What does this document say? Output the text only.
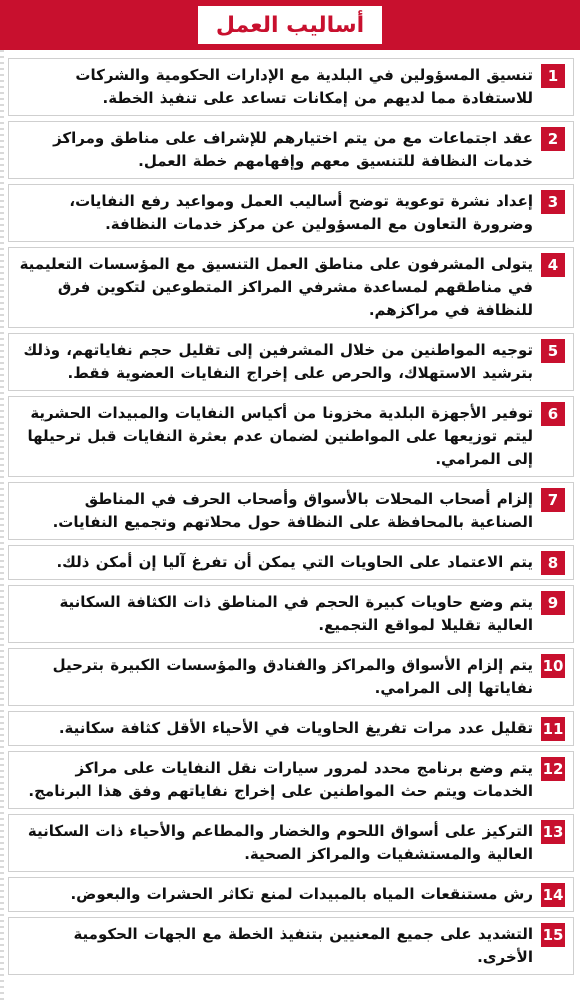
أساليب العمل
1
تنسيق المسؤولين في البلدية مع الإدارات الحكومية والشركات للاستفادة مما لديهم من إمكانات تساعد على تنفيذ الخطة.
2
عقد اجتماعات مع من يتم اختيارهم للإشراف على مناطق ومراكز خدمات النظافة للتنسيق معهم وإفهامهم خطة العمل.
3
إعداد نشرة توعوية توضح أساليب العمل ومواعيد رفع النفايات، وضرورة التعاون مع المسؤولين عن مركز خدمات النظافة.
4
يتولى المشرفون على مناطق العمل التنسيق مع المؤسسات التعليمية في مناطقهم لمساعدة مشرفي المراكز المتطوعين لتكوين فرق للنظافة في مراكزهم.
5
توجيه المواطنين من خلال المشرفين إلى تقليل حجم نفاياتهم، وذلك بترشيد الاستهلاك، والحرص على إخراج النفايات العضوية فقط.
6
توفير الأجهزة البلدية مخزونا من أكياس النفايات والمبيدات الحشرية ليتم توزيعها على المواطنين لضمان عدم بعثرة النفايات قبل ترحيلها إلى المرامي.
7
إلزام أصحاب المحلات بالأسواق وأصحاب الحرف في المناطق الصناعية بالمحافظة على النظافة حول محلاتهم وتجميع النفايات.
8
يتم الاعتماد على الحاويات التي يمكن أن تفرغ آليا إن أمكن ذلك.
9
يتم وضع حاويات كبيرة الحجم في المناطق ذات الكثافة السكانية العالية تقليلا لمواقع التجميع.
10
يتم إلزام الأسواق والمراكز والفنادق والمؤسسات الكبيرة بترحيل نفاياتها إلى المرامي.
11
تقليل عدد مرات تفريغ الحاويات في الأحياء الأقل كثافة سكانية.
12
يتم وضع برنامج محدد لمرور سيارات نقل النفايات على مراكز الخدمات ويتم حث المواطنين على إخراج نفاياتهم وفق هذا البرنامج.
13
التركيز على أسواق اللحوم والخضار والمطاعم والأحياء ذات السكانية العالية والمستشفيات والمراكز الصحية.
14
رش مستنقعات المياه بالمبيدات لمنع تكاثر الحشرات والبعوض.
15
التشديد على جميع المعنيين بتنفيذ الخطة مع الجهات الحكومية الأخرى.
